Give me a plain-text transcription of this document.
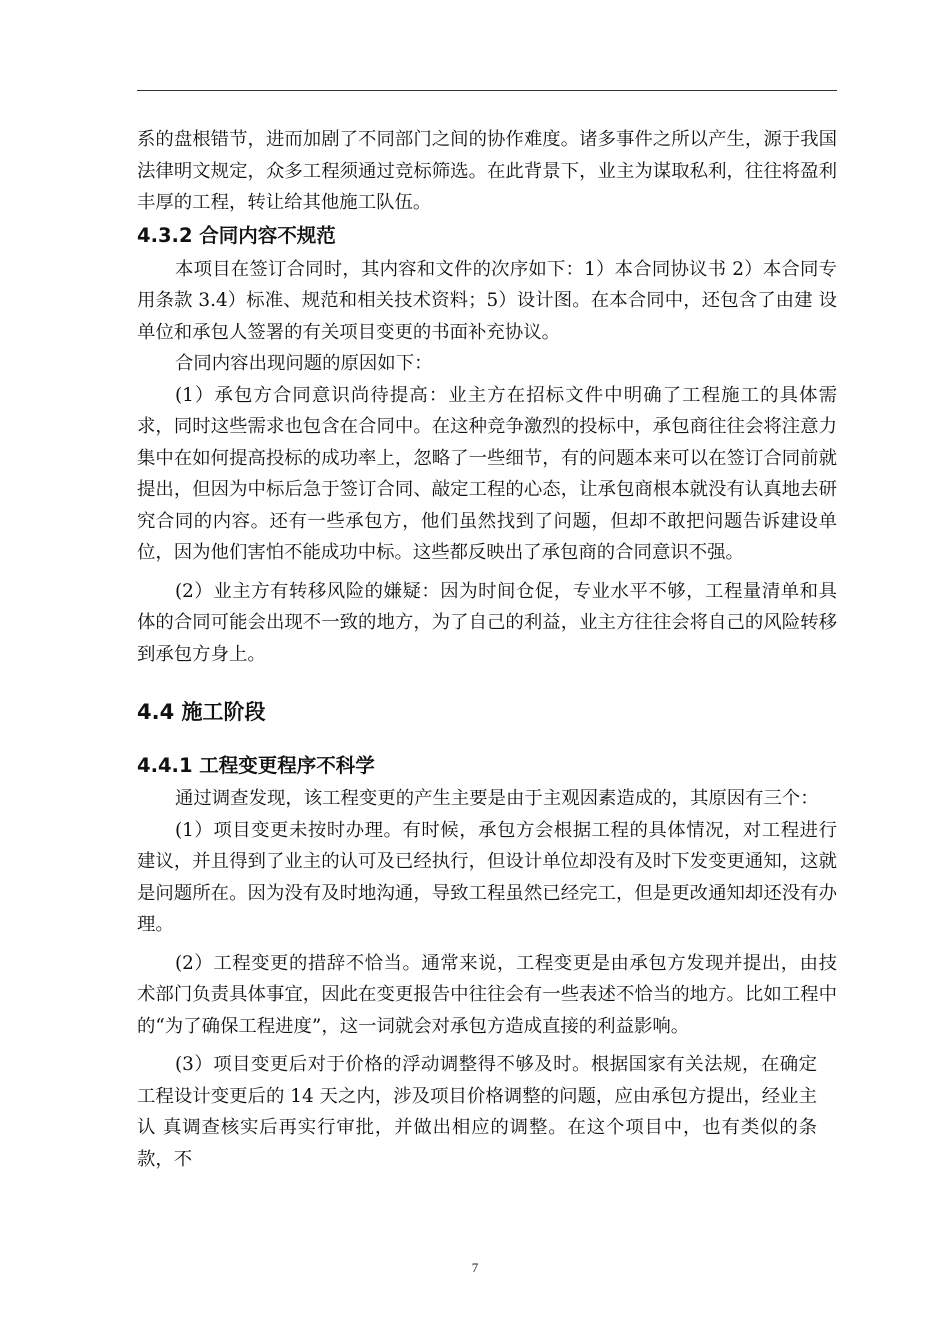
系的盘根错节，进而加剧了不同部门之间的协作难度。诸多事件之所以产生，源于我国法律明文规定，众多工程须通过竞标筛选。在此背景下，业主为谋取私利，往往将盈利丰厚的工程，转让给其他施工队伍。

4.3.2 合同内容不规范

本项目在签订合同时，其内容和文件的次序如下：1）本合同协议书 2）本合同专用条款 3.4）标准、规范和相关技术资料；5）设计图。在本合同中，还包含了由建 设单位和承包人签署的有关项目变更的书面补充协议。

合同内容出现问题的原因如下：

(1）承包方合同意识尚待提高：业主方在招标文件中明确了工程施工的具体需求，同时这些需求也包含在合同中。在这种竞争激烈的投标中，承包商往往会将注意力集中在如何提高投标的成功率上，忽略了一些细节，有的问题本来可以在签订合同前就提出，但因为中标后急于签订合同、敲定工程的心态，让承包商根本就没有认真地去研究合同的内容。还有一些承包方，他们虽然找到了问题，但却不敢把问题告诉建设单位，因为他们害怕不能成功中标。这些都反映出了承包商的合同意识不强。

(2）业主方有转移风险的嫌疑：因为时间仓促，专业水平不够，工程量清单和具体的合同可能会出现不一致的地方，为了自己的利益，业主方往往会将自己的风险转移到承包方身上。

4.4 施工阶段
4.4.1 工程变更程序不科学

通过调查发现，该工程变更的产生主要是由于主观因素造成的，其原因有三个：

(1）项目变更未按时办理。有时候，承包方会根据工程的具体情况，对工程进行建议，并且得到了业主的认可及已经执行，但设计单位却没有及时下发变更通知，这就是问题所在。因为没有及时地沟通，导致工程虽然已经完工，但是更改通知却还没有办理。

(2）工程变更的措辞不恰当。通常来说，工程变更是由承包方发现并提出，由技术部门负责具体事宜，因此在变更报告中往往会有一些表述不恰当的地方。比如工程中的“为了确保工程进度”，这一词就会对承包方造成直接的利益影响。

(3）项目变更后对于价格的浮动调整得不够及时。根据国家有关法规，在确定工程设计变更后的 14 天之内，涉及项目价格调整的问题，应由承包方提出，经业主认 真调查核实后再实行审批，并做出相应的调整。在这个项目中，也有类似的条款，不

7
